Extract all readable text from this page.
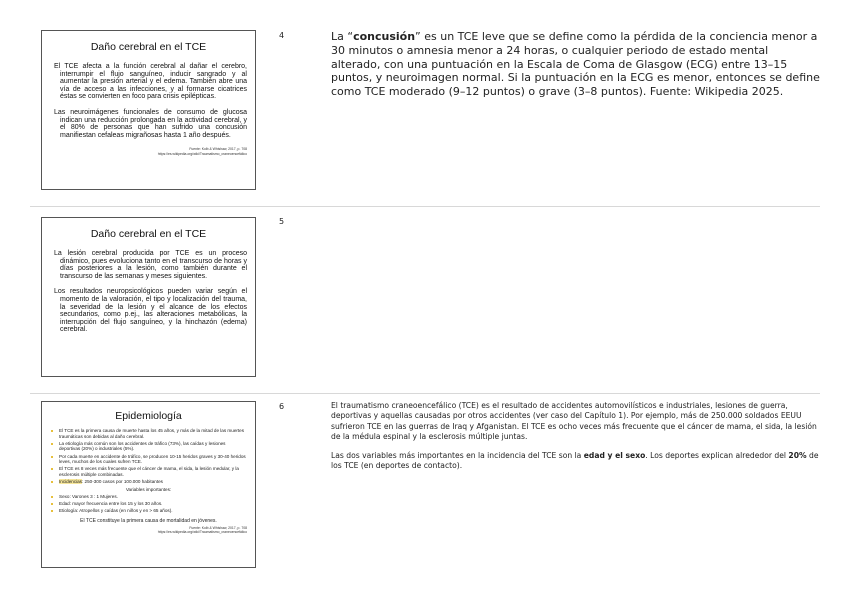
Daño cerebral en el TCE

El TCE afecta a la función cerebral al dañar el cerebro, interrumpir el flujo sanguíneo, inducir sangrado y al aumentar la presión arterial y el edema. También abre una vía de acceso a las infecciones, y al formarse cicatrices éstas se convierten en foco para crisis epilépticas.

Las neuroimágenes funcionales de consumo de glucosa indican una reducción prolongada en la actividad cerebral, y el 80% de personas que han sufrido una concusión manifiestan cefaleas migrañosas hasta 1 año después.

Fuente: Kolb & Whishaw, 2017, p. 708
https://es.wikipedia.org/wiki/Traumatismo_craneoencefálico
4	La “concusión” es un TCE leve que se define como la pérdida de la conciencia menor a 30 minutos o amnesia menor a 24 horas, o cualquier periodo de estado mental alterado, con una puntuación en la Escala de Coma de Glasgow (ECG) entre 13–15 puntos, y neuroimagen normal. Si la puntuación en la ECG es menor, entonces se define como TCE moderado (9–12 puntos) o grave (3–8 puntos). Fuente: Wikipedia 2025.

Daño cerebral en el TCE

La lesión cerebral producida por TCE es un proceso dinámico, pues evoluciona tanto en el transcurso de horas y días posteriores a la lesión, como también durante el transcurso de las semanas y meses siguientes.

Los resultados neuropsicológicos pueden variar según el momento de la valoración, el tipo y localización del trauma, la severidad de la lesión y el alcance de los efectos secundarios, como p.ej., las alteraciones metabólicas, la interrupción del flujo sanguíneo, y la hinchazón (edema) cerebral.

5
Epidemiología
El TCE es la primera causa de muerte hasta los 45 años, y más de la mitad de las muertes traumáticas son debidas al daño cerebral.
La etiología más común son los accidentes de tráfico (73%), las caídas y lesiones deportivas (20%) o industriales (5%).
Por cada muerte en accidente de tráfico, se producen 10-15 heridos graves y 30-40 heridos leves, muchos de los cuales sufren TCE.
El TCE es 8 veces más frecuente que el cáncer de mama, el sida, la lesión medular, y la esclerosis múltiple combinadas.
Incidencias: 250-300 casos por 100.000 habitantes
Variables importantes:
Sexo: Varones 3 : 1 Mujeres.
Edad: mayor frecuencia entre los 15 y los 30 años.
Etiología: Atropellos y caídas (en niños y en > 65 años).
El TCE constituye la primera causa de mortalidad en jóvenes.
Fuente: Kolb & Whishaw, 2017, p. 708
https://es.wikipedia.org/wiki/Traumatismo_craneoencefálico
6	El traumatismo craneoencefálico (TCE) es el resultado de accidentes automovilísticos e industriales, lesiones de guerra, deportivas y aquellas causadas por otros accidentes (ver caso del Capítulo 1). Por ejemplo, más de 250.000 soldados EEUU sufrieron TCE en las guerras de Iraq y Afganistan. El TCE es ocho veces más frecuente que el cáncer de mama, el sida, la lesión de la médula espinal y la esclerosis múltiple juntas.

Las dos variables más importantes en la incidencia del TCE son la edad y el sexo. Los deportes explican alrededor del 20% de los TCE (en deportes de contacto).
